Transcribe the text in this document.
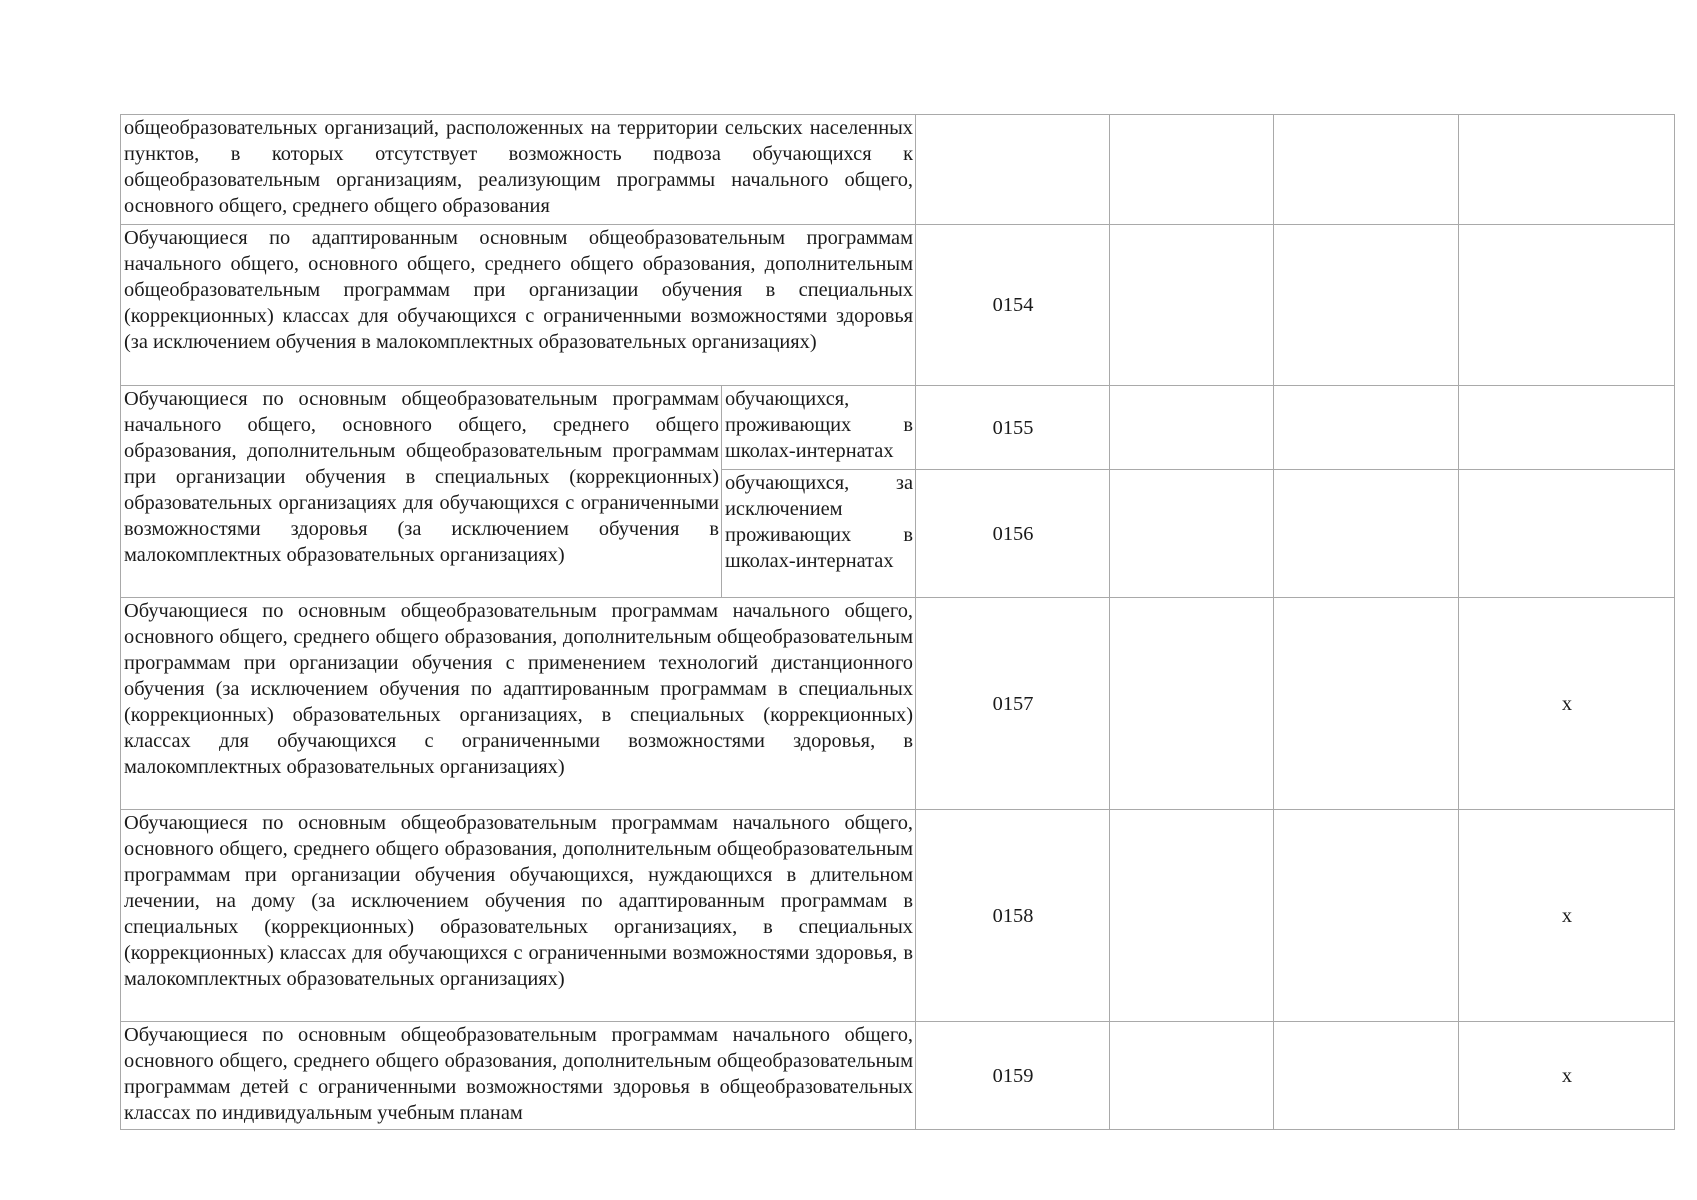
общеобразовательных организаций, расположенных на территории сельских населенных пунктов, в которых отсутствует возможность подвоза обучающихся к общеобразовательным организациям, реализующим программы начального общего, основного общего, среднего общего образования					
Обучающиеся по адаптированным основным общеобразовательным программам начального общего, основного общего, среднего общего образования, дополнительным общеобразовательным программам при организации обучения в специальных (коррекционных) классах для обучающихся с ограниченными возможностями здоровья (за исключением обучения в малокомплектных образовательных организациях)		0154			
Обучающиеся по основным общеобразовательным программам начального общего, основного общего, среднего общего образования, дополнительным общеобразовательным программам при организации обучения в специальных (коррекционных) образовательных организациях для обучающихся с ограниченными возможностями здоровья (за исключением обучения в малокомплектных образовательных организациях)	обучающихся, проживающих в школах-интернатах	0155			
	обучающихся, за исключением проживающих в школах-интернатах	0156			
Обучающиеся по основным общеобразовательным программам начального общего, основного общего, среднего общего образования, дополнительным общеобразовательным программам при организации обучения с применением технологий дистанционного обучения (за исключением обучения по адаптированным программам в специальных (коррекционных) образовательных организациях, в специальных (коррекционных) классах для обучающихся с ограниченными возможностями здоровья, в малокомплектных образовательных организациях)		0157			x
Обучающиеся по основным общеобразовательным программам начального общего, основного общего, среднего общего образования, дополнительным общеобразовательным программам при организации обучения обучающихся, нуждающихся в длительном лечении, на дому (за исключением обучения по адаптированным программам в специальных (коррекционных) образовательных организациях, в специальных (коррекционных) классах для обучающихся с ограниченными возможностями здоровья, в малокомплектных образовательных организациях)		0158			x
Обучающиеся по основным общеобразовательным программам начального общего, основного общего, среднего общего образования, дополнительным общеобразовательным программам детей с ограниченными возможностями здоровья в общеобразовательных классах по индивидуальным учебным планам		0159			x
